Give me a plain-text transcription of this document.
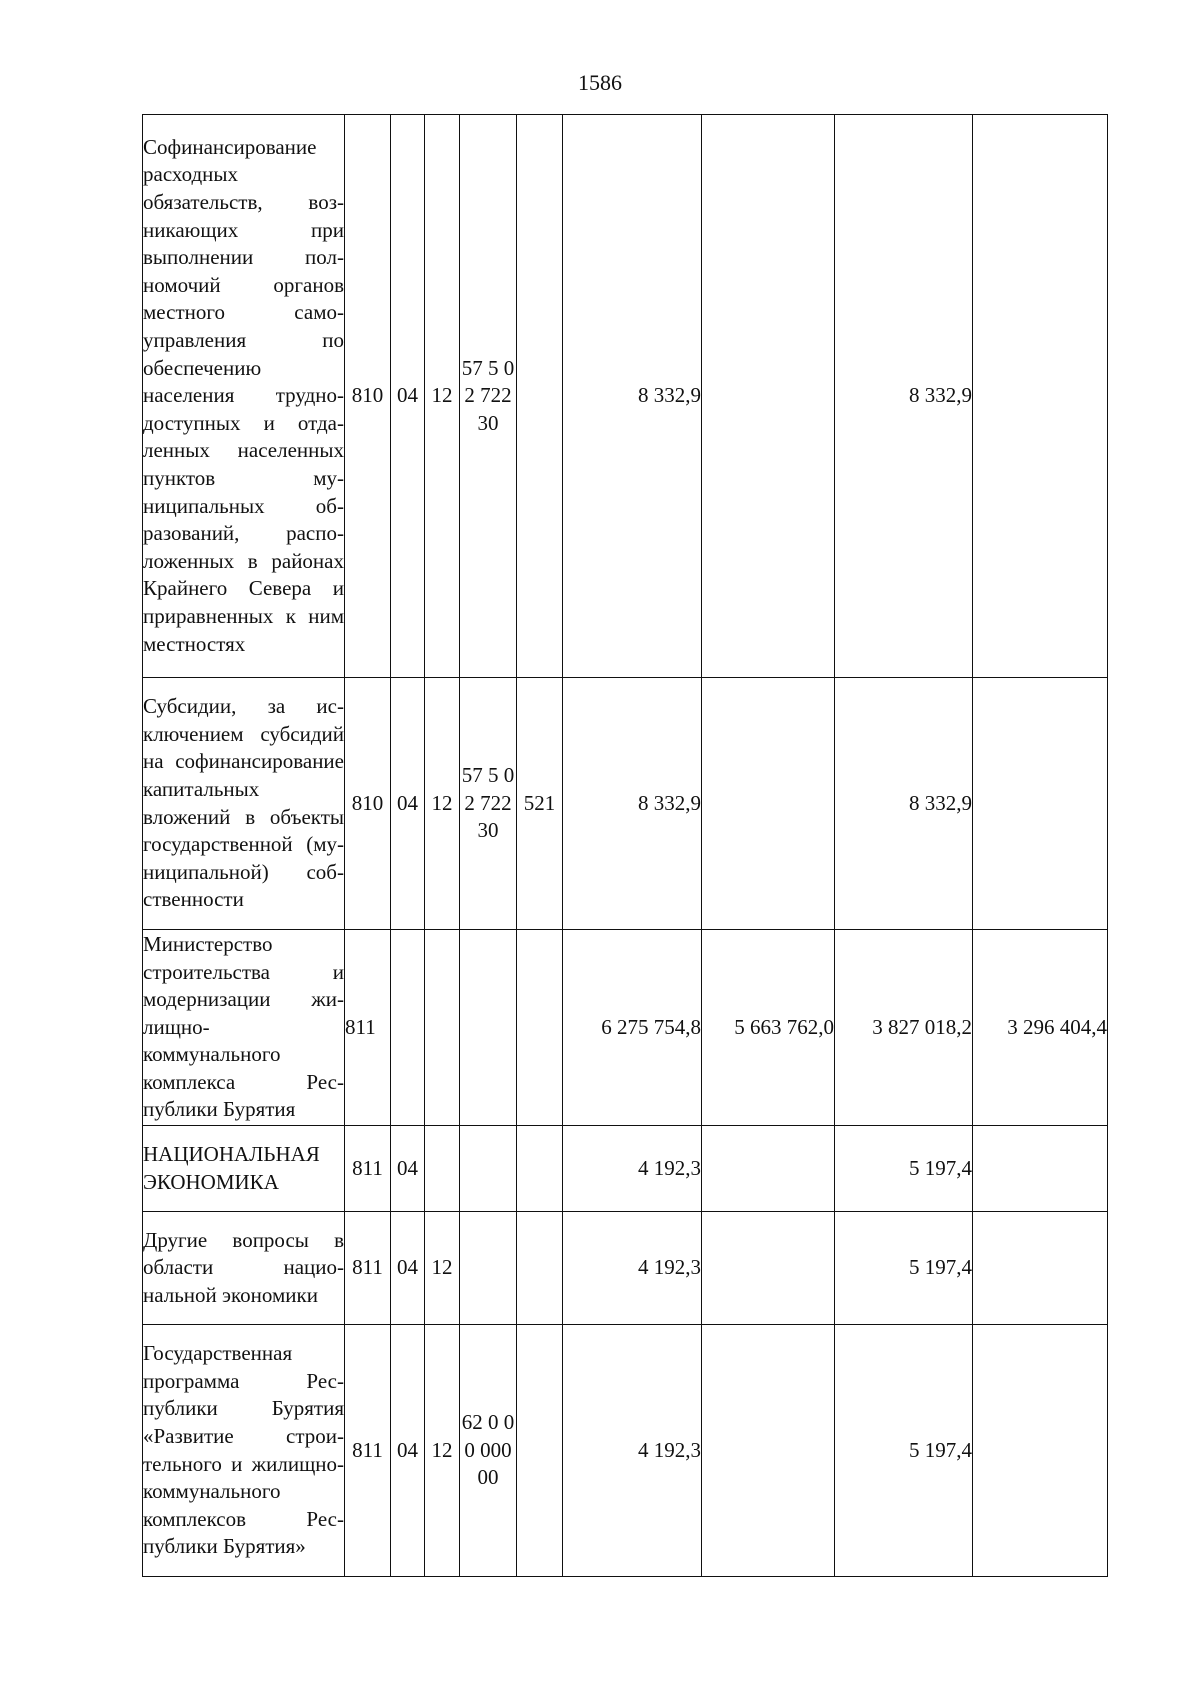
1586
Софинансирование расходных обязательств, возникающих при выполнении полномочий органов местного самоуправления по обеспечению населения труднодоступных и отдаленных населенных пунктов муниципальных образований, расположенных в районах Крайнего Севера и приравненных к ним местностях	810	04	12	57 5 02 72230		8 332,9		8 332,9	
Субсидии, за исключением субсидий на софинансирование капитальных вложений в объекты государственной (муниципальной) собственности	810	04	12	57 5 02 72230	521	8 332,9		8 332,9	
Министерство строительства и модернизации жилищно-коммунального комплекса Республики Бурятия	811					6 275 754,8	5 663 762,0	3 827 018,2	3 296 404,4
НАЦИОНАЛЬНАЯ ЭКОНОМИКА	811	04				4 192,3		5 197,4	
Другие вопросы в области национальной экономики	811	04	12			4 192,3		5 197,4	
Государственная программа Республики Бурятия «Развитие строительного и жилищно-коммунального комплексов Республики Бурятия»	811	04	12	62 0 00 00000		4 192,3		5 197,4	
